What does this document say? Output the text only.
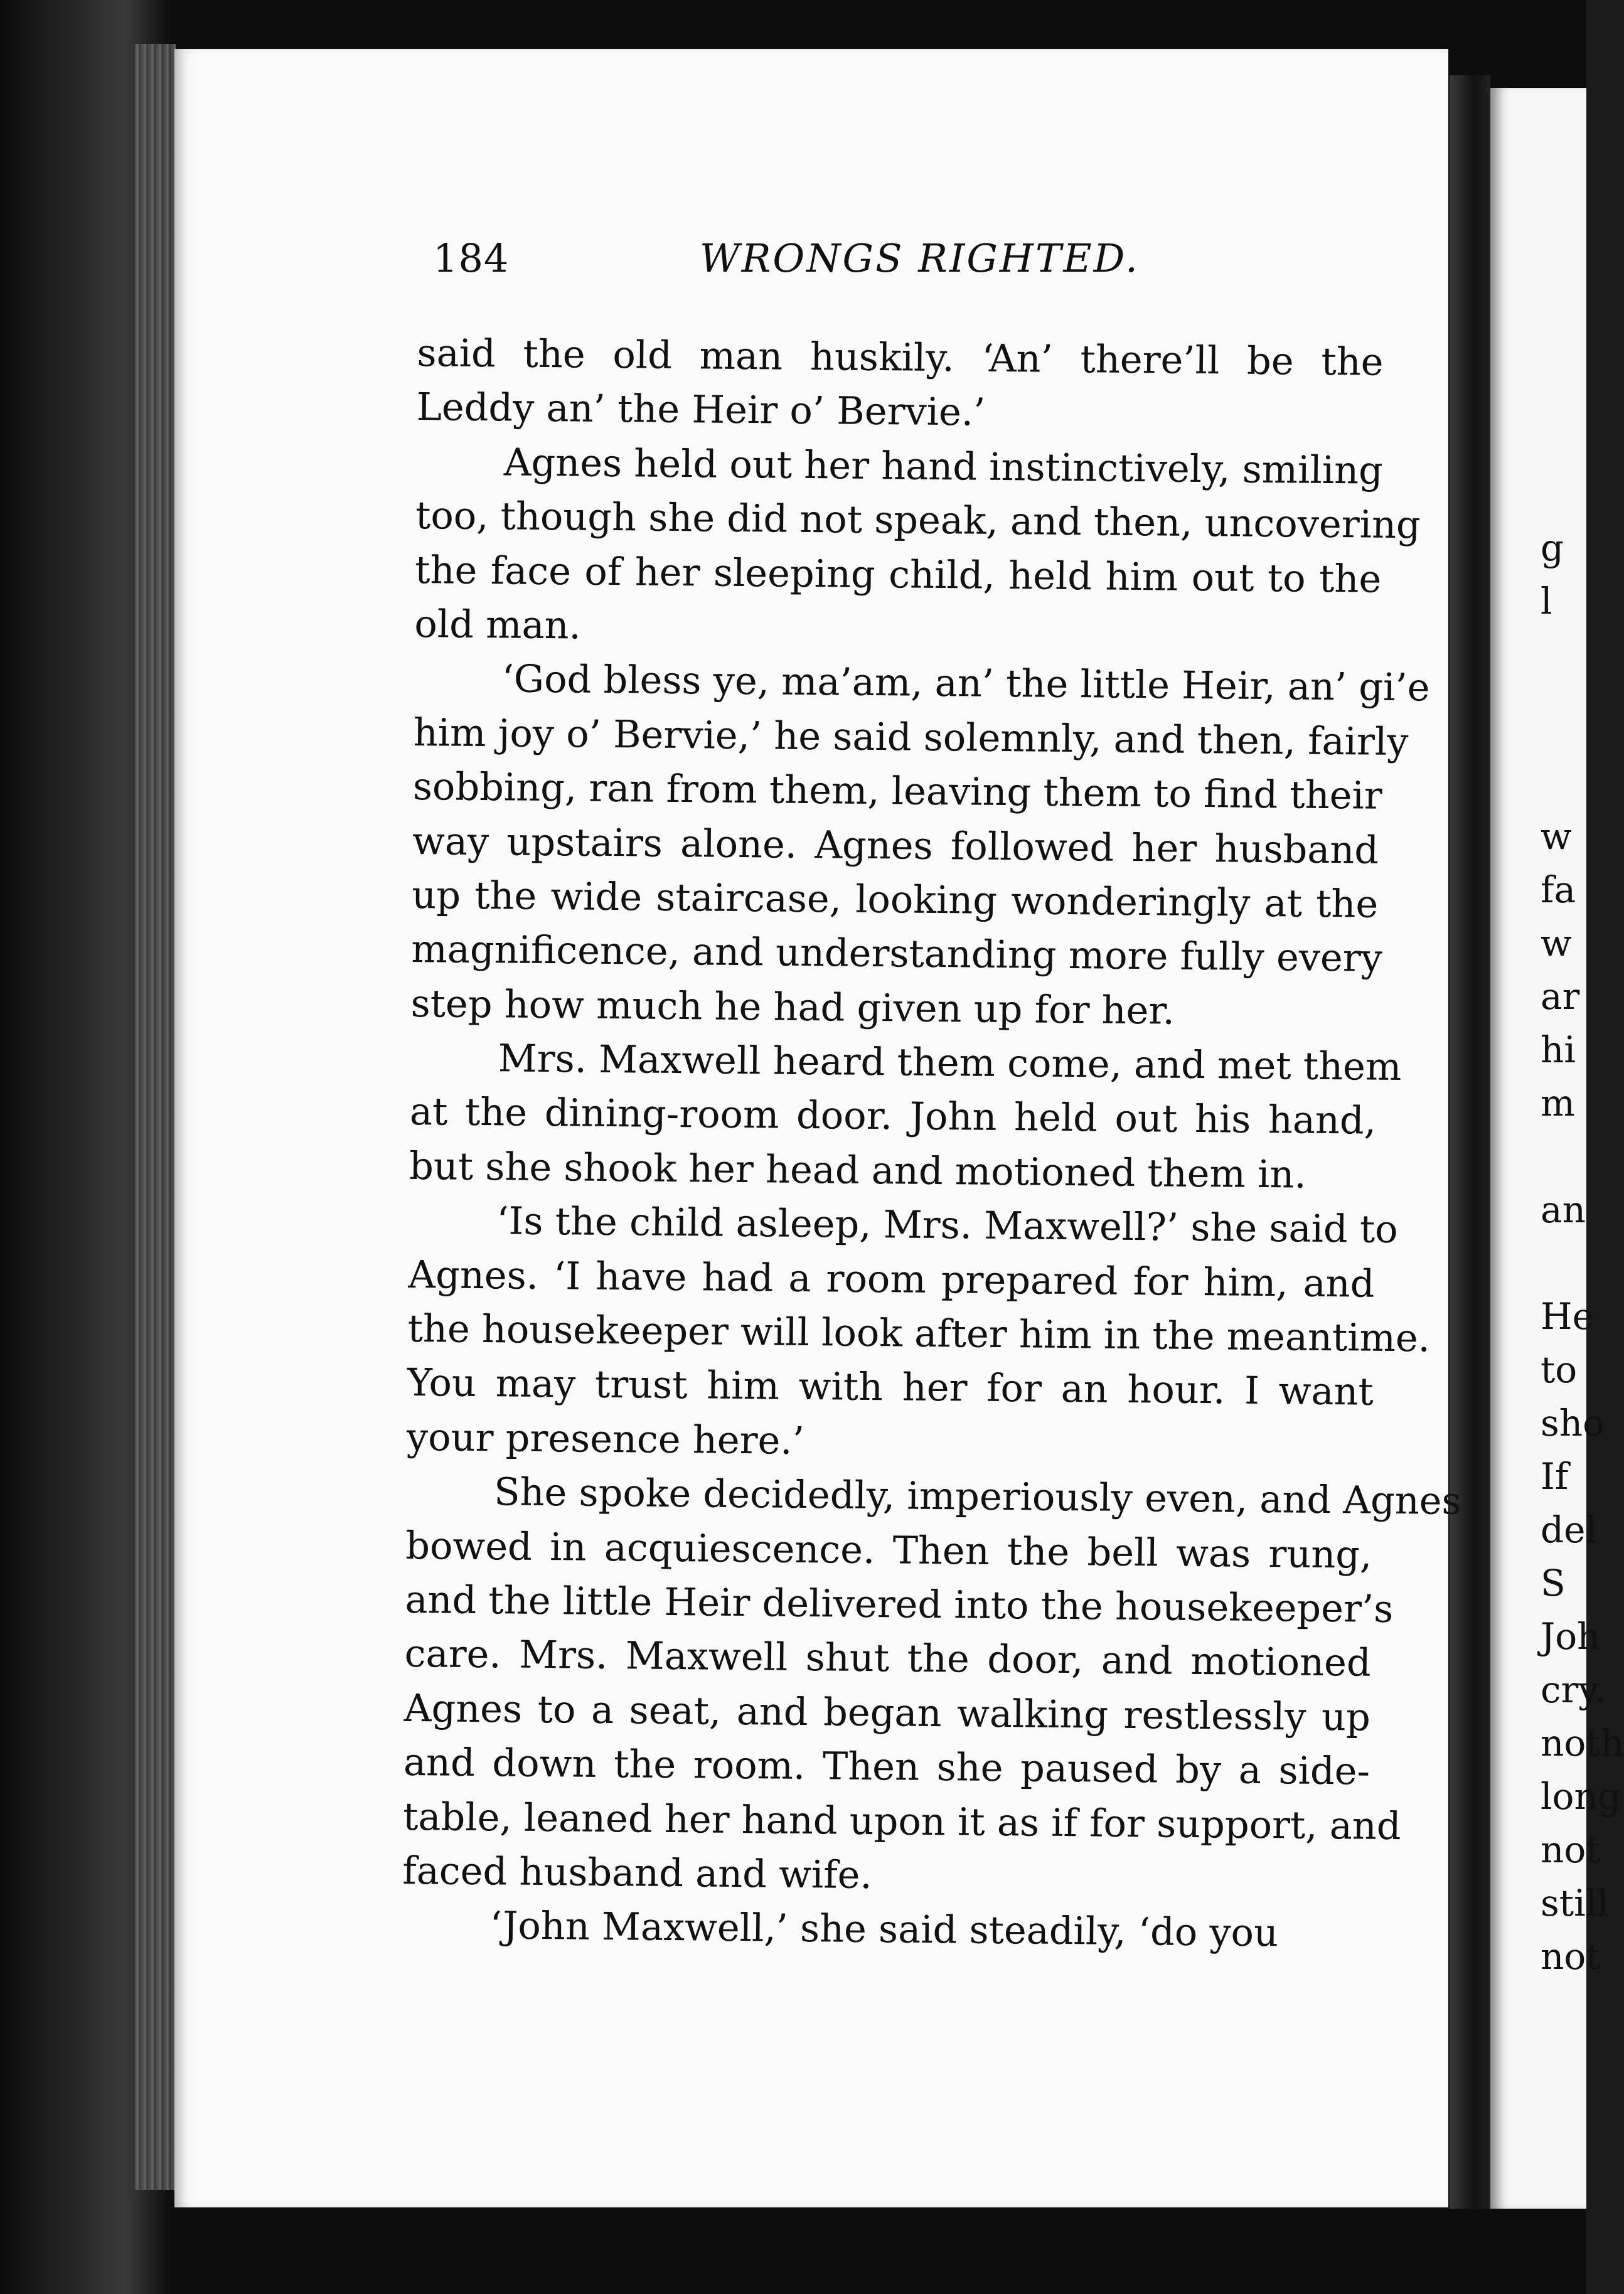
184	WRONGS RIGHTED.
said the old man huskily. ‘An’ there’ll be the
Leddy an’ the Heir o’ Bervie.’
Agnes held out her hand instinctively, smiling
too, though she did not speak, and then, uncovering
the face of her sleeping child, held him out to the
old man.
‘God bless ye, ma’am, an’ the little Heir, an’ gi’e
him joy o’ Bervie,’ he said solemnly, and then, fairly
sobbing, ran from them, leaving them to find their
way upstairs alone. Agnes followed her husband
up the wide staircase, looking wonderingly at the
magnificence, and understanding more fully every
step how much he had given up for her.
Mrs. Maxwell heard them come, and met them
at the dining-room door. John held out his hand,
but she shook her head and motioned them in.
‘Is the child asleep, Mrs. Maxwell?’ she said to
Agnes. ‘I have had a room prepared for him, and
the housekeeper will look after him in the meantime.
You may trust him with her for an hour. I want
your presence here.’
She spoke decidedly, imperiously even, and Agnes
bowed in acquiescence. Then the bell was rung,
and the little Heir delivered into the housekeeper’s
care. Mrs. Maxwell shut the door, and motioned
Agnes to a seat, and began walking restlessly up
and down the room. Then she paused by a side-
table, leaned her hand upon it as if for support, and
faced husband and wife.
‘John Maxwell,’ she said steadily, ‘do you
g
l
w
fa
w
ar
hi
m
an
He
to
sho
If
del
S
Joh
cry.
noth
long
not
still
not
